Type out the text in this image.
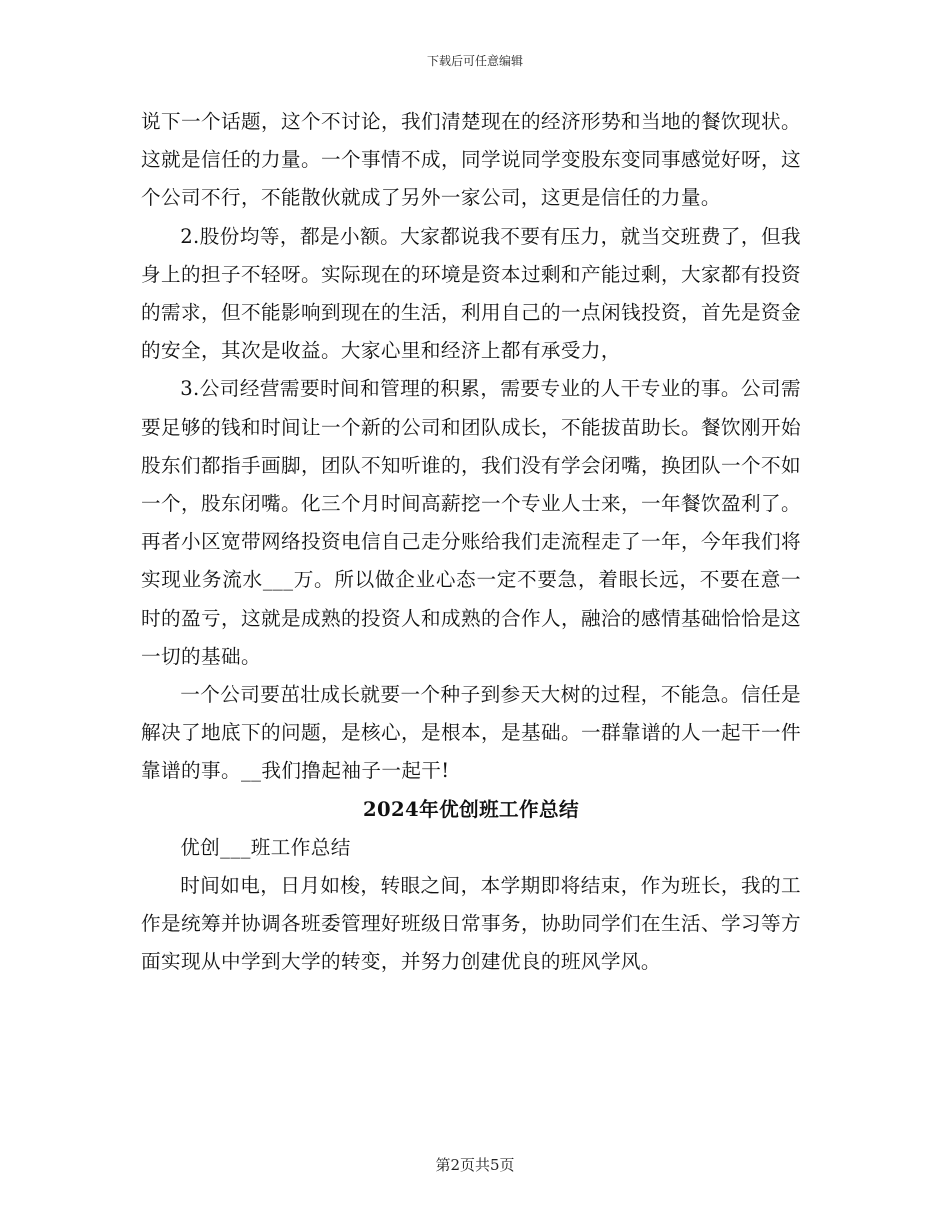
下载后可任意编辑

说下一个话题，这个不讨论，我们清楚现在的经济形势和当地的餐饮现状。这就是信任的力量。一个事情不成，同学说同学变股东变同事感觉好呀，这个公司不行，不能散伙就成了另外一家公司，这更是信任的力量。

2.股份均等，都是小额。大家都说我不要有压力，就当交班费了，但我身上的担子不轻呀。实际现在的环境是资本过剩和产能过剩，大家都有投资的需求，但不能影响到现在的生活，利用自己的一点闲钱投资，首先是资金的安全，其次是收益。大家心里和经济上都有承受力，

3.公司经营需要时间和管理的积累，需要专业的人干专业的事。公司需要足够的钱和时间让一个新的公司和团队成长，不能拔苗助长。餐饮刚开始股东们都指手画脚，团队不知听谁的，我们没有学会闭嘴，换团队一个不如一个，股东闭嘴。化三个月时间高薪挖一个专业人士来，一年餐饮盈利了。再者小区宽带网络投资电信自己走分账给我们走流程走了一年，今年我们将实现业务流水___万。所以做企业心态一定不要急，着眼长远，不要在意一时的盈亏，这就是成熟的投资人和成熟的合作人，融洽的感情基础恰恰是这一切的基础。

一个公司要茁壮成长就要一个种子到参天大树的过程，不能急。信任是解决了地底下的问题，是核心，是根本，是基础。一群靠谱的人一起干一件靠谱的事。__我们撸起袖子一起干!

2024年优创班工作总结

优创___班工作总结

时间如电，日月如梭，转眼之间，本学期即将结束，作为班长，我的工作是统筹并协调各班委管理好班级日常事务，协助同学们在生活、学习等方面实现从中学到大学的转变，并努力创建优良的班风学风。

第2页共5页
